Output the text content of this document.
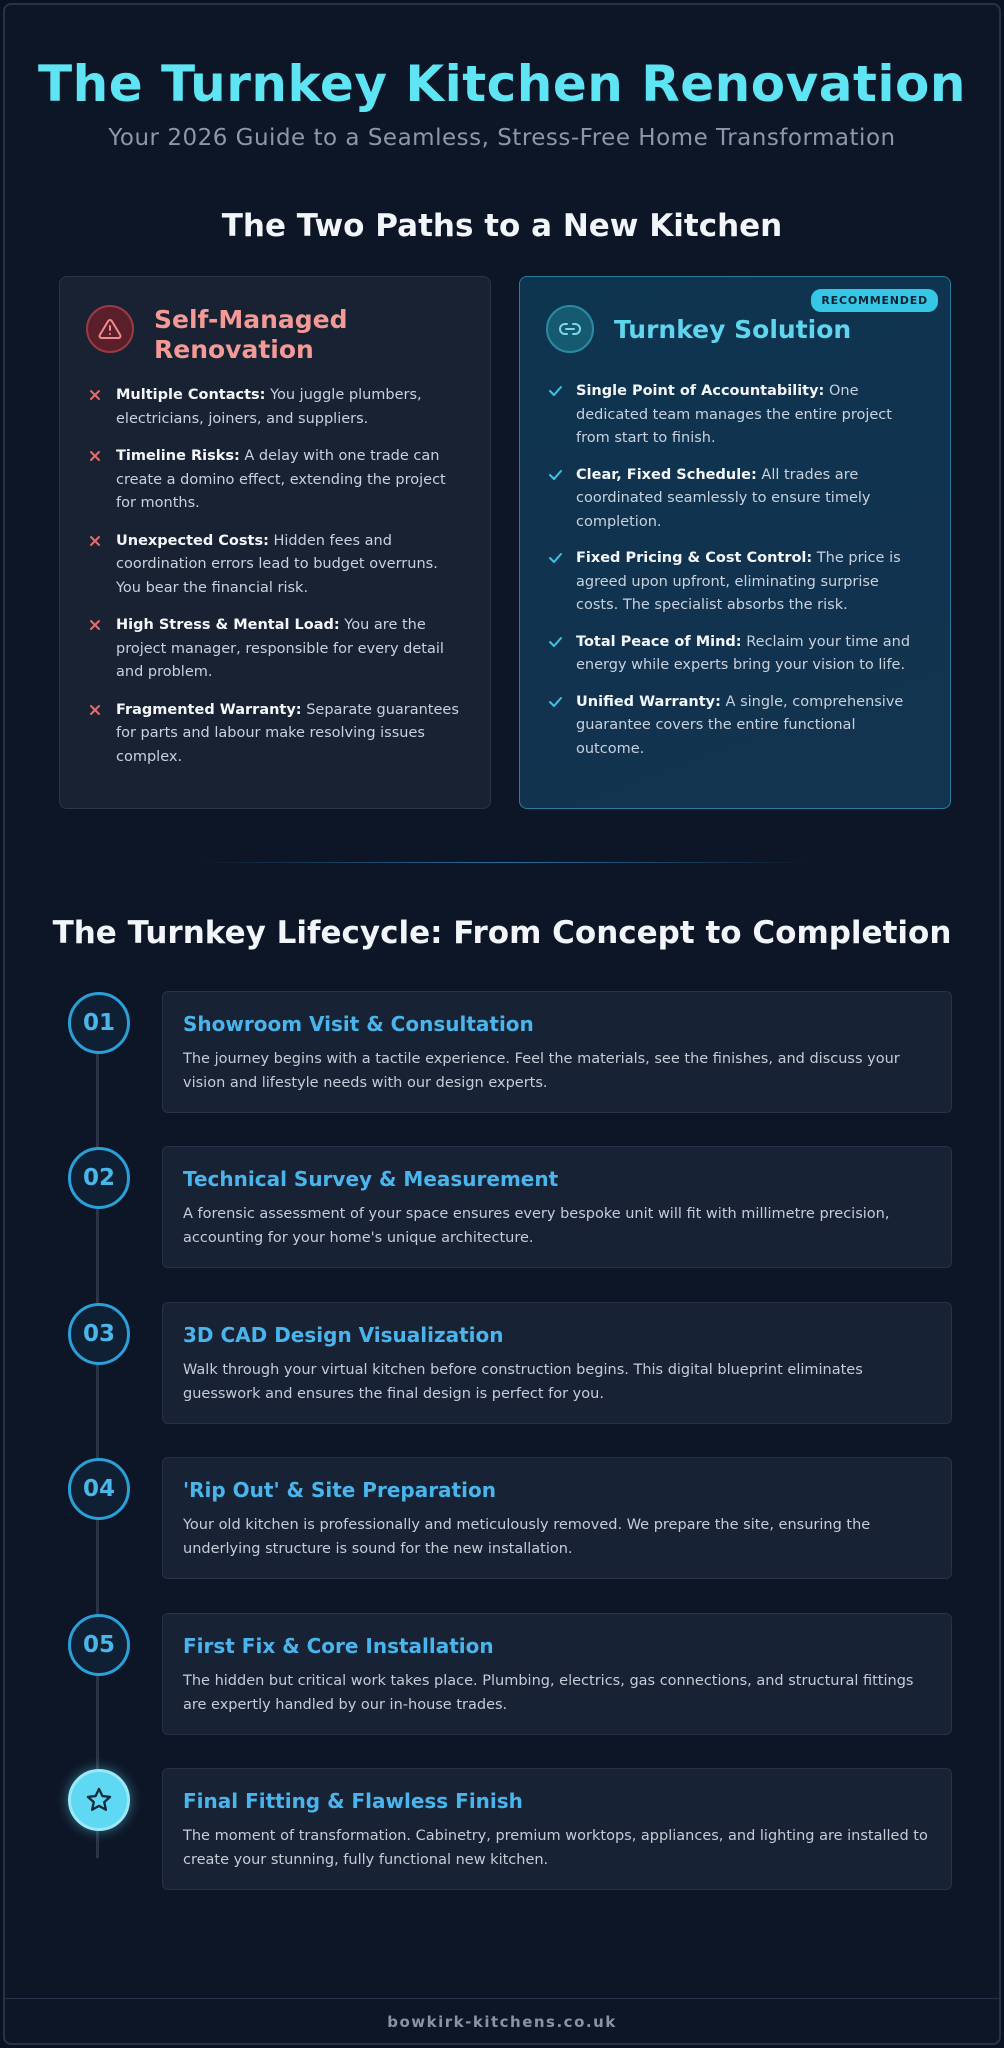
The Turnkey Kitchen Renovation
Your 2026 Guide to a Seamless, Stress-Free Home Transformation
The Two Paths to a New Kitchen
Self-Managed Renovation
Multiple Contacts: You juggle plumbers, electricians, joiners, and suppliers.
Timeline Risks: A delay with one trade can create a domino effect, extending the project for months.
Unexpected Costs: Hidden fees and coordination errors lead to budget overruns. You bear the financial risk.
High Stress & Mental Load: You are the project manager, responsible for every detail and problem.
Fragmented Warranty: Separate guarantees for parts and labour make resolving issues complex.
RECOMMENDED
Turnkey Solution
Single Point of Accountability: One dedicated team manages the entire project from start to finish.
Clear, Fixed Schedule: All trades are coordinated seamlessly to ensure timely completion.
Fixed Pricing & Cost Control: The price is agreed upon upfront, eliminating surprise costs. The specialist absorbs the risk.
Total Peace of Mind: Reclaim your time and energy while experts bring your vision to life.
Unified Warranty: A single, comprehensive guarantee covers the entire functional outcome.
The Turnkey Lifecycle: From Concept to Completion
01	Showroom Visit & Consultation
The journey begins with a tactile experience. Feel the materials, see the finishes, and discuss your vision and lifestyle needs with our design experts.
02	Technical Survey & Measurement
A forensic assessment of your space ensures every bespoke unit will fit with millimetre precision, accounting for your home's unique architecture.
03	3D CAD Design Visualization
Walk through your virtual kitchen before construction begins. This digital blueprint eliminates guesswork and ensures the final design is perfect for you.
04	'Rip Out' & Site Preparation
Your old kitchen is professionally and meticulously removed. We prepare the site, ensuring the underlying structure is sound for the new installation.
05	First Fix & Core Installation
The hidden but critical work takes place. Plumbing, electrics, gas connections, and structural fittings are expertly handled by our in-house trades.
Final Fitting & Flawless Finish
The moment of transformation. Cabinetry, premium worktops, appliances, and lighting are installed to create your stunning, fully functional new kitchen.
bowkirk-kitchens.co.uk
